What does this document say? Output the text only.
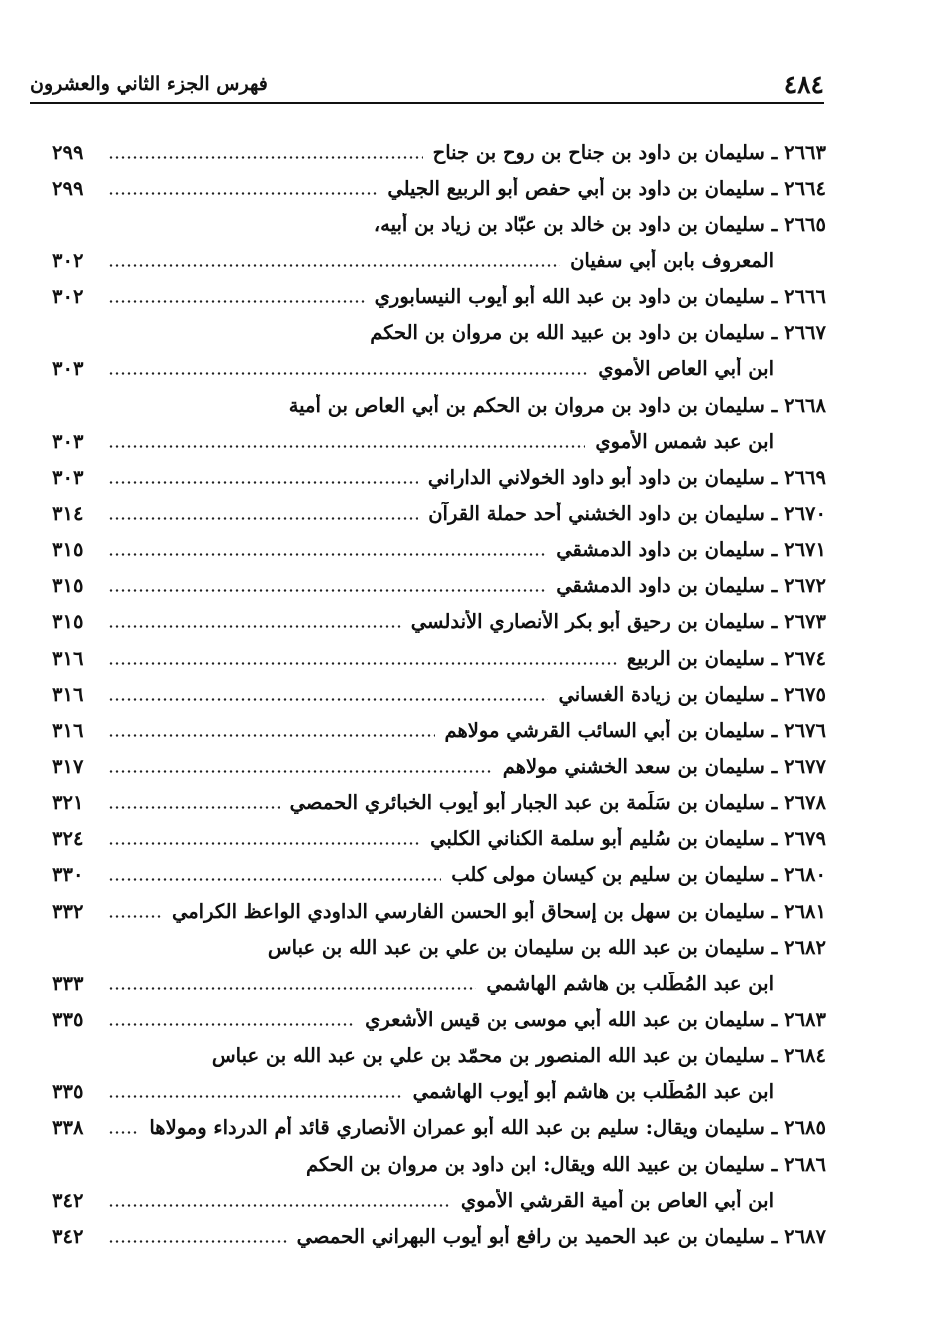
٤٨٤
فهرس الجزء الثاني والعشرون
٢٦٦٣
ـ
سليمان بن داود بن جناح بن روح بن جناح
٢٩٩
٢٦٦٤
ـ
سليمان بن داود بن أبي حفص أبو الربيع الجيلي
٢٩٩
٢٦٦٥
ـ
سليمان بن داود بن خالد بن عبّاد بن زياد بن أبيه،
المعروف بابن أبي سفيان
٣٠٢
٢٦٦٦
ـ
سليمان بن داود بن عبد الله أبو أيوب النيسابوري
٣٠٢
٢٦٦٧
ـ
سليمان بن داود بن عبيد الله بن مروان بن الحكم
ابن أبي العاص الأموي
٣٠٣
٢٦٦٨
ـ
سليمان بن داود بن مروان بن الحكم بن أبي العاص بن أمية
ابن عبد شمس الأموي
٣٠٣
٢٦٦٩
ـ
سليمان بن داود أبو داود الخولاني الداراني
٣٠٣
٢٦٧٠
ـ
سليمان بن داود الخشني أحد حملة القرآن
٣١٤
٢٦٧١
ـ
سليمان بن داود الدمشقي
٣١٥
٢٦٧٢
ـ
سليمان بن داود الدمشقي
٣١٥
٢٦٧٣
ـ
سليمان بن رحيق أبو بكر الأنصاري الأندلسي
٣١٥
٢٦٧٤
ـ
سليمان بن الربيع
٣١٦
٢٦٧٥
ـ
سليمان بن زيادة الغساني
٣١٦
٢٦٧٦
ـ
سليمان بن أبي السائب القرشي مولاهم
٣١٦
٢٦٧٧
ـ
سليمان بن سعد الخشني مولاهم
٣١٧
٢٦٧٨
ـ
سليمان بن سَلَمة بن عبد الجبار أبو أيوب الخبائري الحمصي
٣٢١
٢٦٧٩
ـ
سليمان بن سُليم أبو سلمة الكناني الكلبي
٣٢٤
٢٦٨٠
ـ
سليمان بن سليم بن كيسان مولى كلب
٣٣٠
٢٦٨١
ـ
سليمان بن سهل بن إسحاق أبو الحسن الفارسي الداودي الواعظ الكرامي
٣٣٢
٢٦٨٢
ـ
سليمان بن عبد الله بن سليمان بن علي بن عبد الله بن عباس
ابن عبد المُطّلب بن هاشم الهاشمي
٣٣٣
٢٦٨٣
ـ
سليمان بن عبد الله أبي موسى بن قيس الأشعري
٣٣٥
٢٦٨٤
ـ
سليمان بن عبد الله المنصور بن محمّد بن علي بن عبد الله بن عباس
ابن عبد المُطّلب بن هاشم أبو أيوب الهاشمي
٣٣٥
٢٦٨٥
ـ
سليمان ويقال: سليم بن عبد الله أبو عمران الأنصاري قائد أم الدرداء ومولاها
٣٣٨
٢٦٨٦
ـ
سليمان بن عبيد الله ويقال: ابن داود بن مروان بن الحكم
ابن أبي العاص بن أُمية القرشي الأموي
٣٤٢
٢٦٨٧
ـ
سليمان بن عبد الحميد بن رافع أبو أيوب البهراني الحمصي
٣٤٢
